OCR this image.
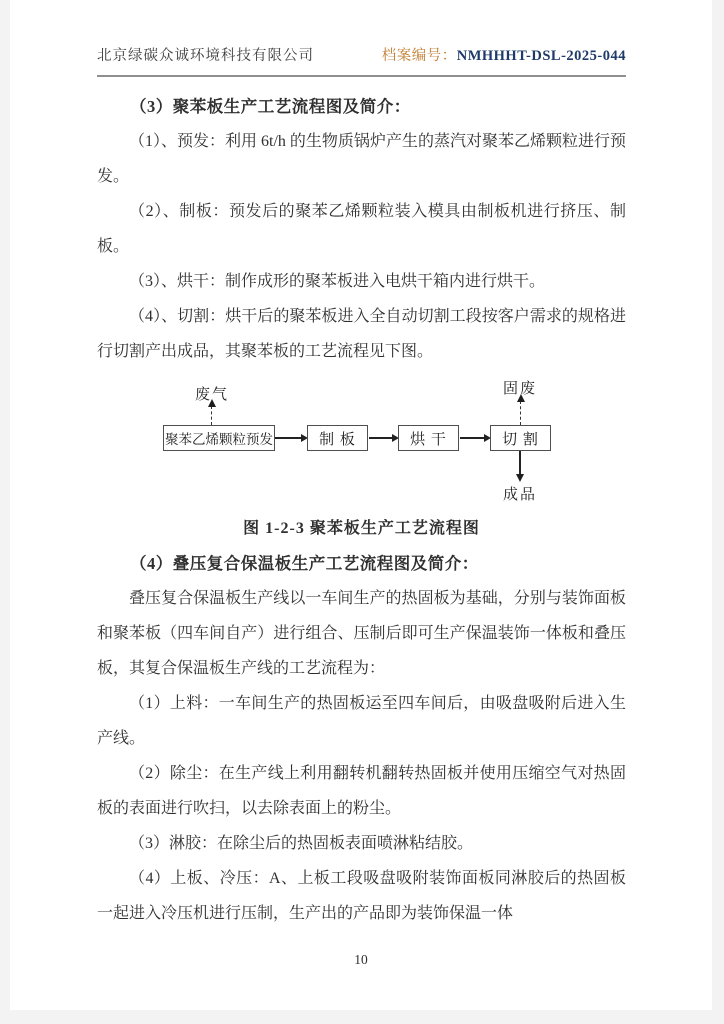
北京绿碳众诚环境科技有限公司	档案编号：NMHHHT-DSL-2025-044

（3）聚苯板生产工艺流程图及简介：

（1）、预发：利用 6t/h 的生物质锅炉产生的蒸汽对聚苯乙烯颗粒进行预发。

（2）、制板：预发后的聚苯乙烯颗粒装入模具由制板机进行挤压、制板。

（3）、烘干：制作成形的聚苯板进入电烘干箱内进行烘干。

（4）、切割：烘干后的聚苯板进入全自动切割工段按客户需求的规格进行切割产出成品，其聚苯板的工艺流程见下图。

废气	固废
聚苯乙烯颗粒预发	制 板	烘 干	切 割
成品

图 1-2-3 聚苯板生产工艺流程图

（4）叠压复合保温板生产工艺流程图及简介：

叠压复合保温板生产线以一车间生产的热固板为基础，分别与装饰面板和聚苯板（四车间自产）进行组合、压制后即可生产保温装饰一体板和叠压板，其复合保温板生产线的工艺流程为：

（1）上料：一车间生产的热固板运至四车间后，由吸盘吸附后进入生产线。

（2）除尘：在生产线上利用翻转机翻转热固板并使用压缩空气对热固板的表面进行吹扫，以去除表面上的粉尘。

（3）淋胶：在除尘后的热固板表面喷淋粘结胶。

（4）上板、冷压：A、上板工段吸盘吸附装饰面板同淋胶后的热固板一起进入冷压机进行压制，生产出的产品即为装饰保温一体

10
